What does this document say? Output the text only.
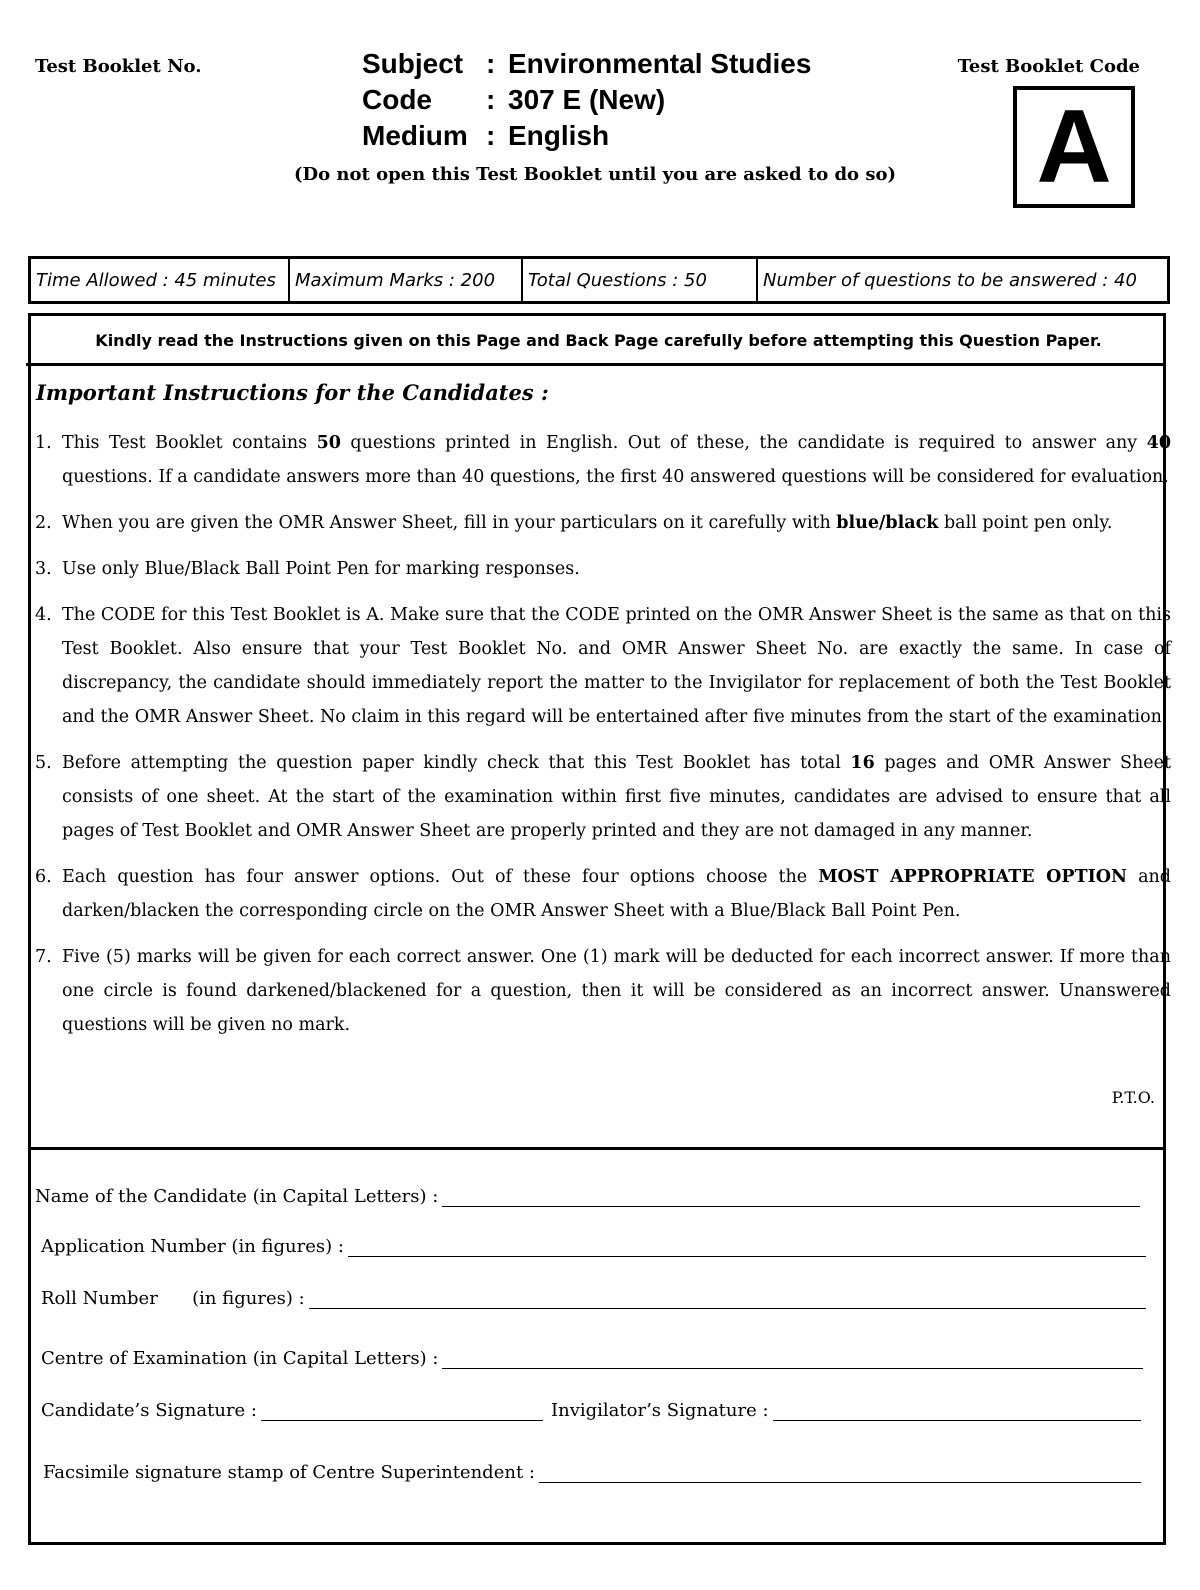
Test Booklet No.	Test Booklet Code
A
Subject : Environmental Studies
Code	: 307 E (New)
Medium : English
(Do not open this Test Booklet until you are asked to do so)
Time Allowed : 45 minutes	Maximum Marks : 200	Total Questions : 50	Number of questions to be answered : 40
Kindly read the Instructions given on this Page and Back Page carefully before attempting this Question Paper.
Important Instructions for the Candidates :
1. This Test Booklet contains 50 questions printed in English. Out of these, the candidate is required to answer any 40 questions. If a candidate answers more than 40 questions, the first 40 answered questions will be considered for evaluation.
2. When you are given the OMR Answer Sheet, fill in your particulars on it carefully with blue/black ball point pen only.
3. Use only Blue/Black Ball Point Pen for marking responses.
4. The CODE for this Test Booklet is A. Make sure that the CODE printed on the OMR Answer Sheet is the same as that on this Test Booklet. Also ensure that your Test Booklet No. and OMR Answer Sheet No. are exactly the same. In case of discrepancy, the candidate should immediately report the matter to the Invigilator for replacement of both the Test Booklet and the OMR Answer Sheet. No claim in this regard will be entertained after five minutes from the start of the examination.
5. Before attempting the question paper kindly check that this Test Booklet has total 16 pages and OMR Answer Sheet consists of one sheet. At the start of the examination within first five minutes, candidates are advised to ensure that all pages of Test Booklet and OMR Answer Sheet are properly printed and they are not damaged in any manner.
6. Each question has four answer options. Out of these four options choose the MOST APPROPRIATE OPTION and darken/blacken the corresponding circle on the OMR Answer Sheet with a Blue/Black Ball Point Pen.
7. Five (5) marks will be given for each correct answer. One (1) mark will be deducted for each incorrect answer. If more than one circle is found darkened/blackened for a question, then it will be considered as an incorrect answer. Unanswered questions will be given no mark.
P.T.O.
Name of the Candidate (in Capital Letters) :
Application Number (in figures) :
Roll Number      (in figures) :
Centre of Examination (in Capital Letters) :
Candidate’s Signature :	Invigilator’s Signature :
Facsimile signature stamp of Centre Superintendent :
